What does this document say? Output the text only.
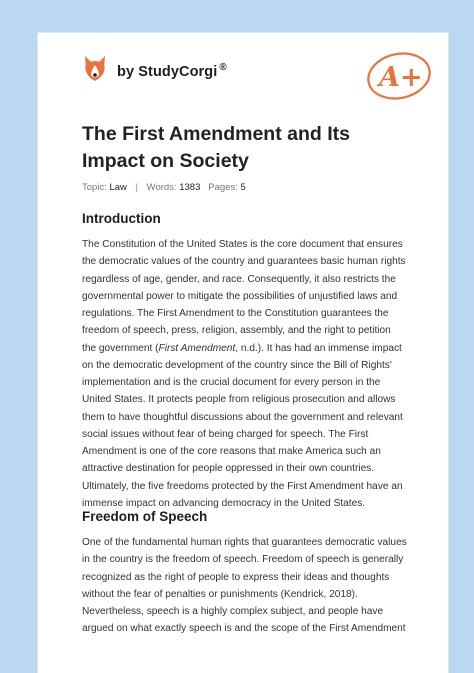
by StudyCorgi ®	A+
The First Amendment and Its
Impact on Society
Topic: Law | Words: 1383 Pages: 5
Introduction

The Constitution of the United States is the core document that ensures
the democratic values of the country and guarantees basic human rights
regardless of age, gender, and race. Consequently, it also restricts the
governmental power to mitigate the possibilities of unjustified laws and
regulations. The First Amendment to the Constitution guarantees the
freedom of speech, press, religion, assembly, and the right to petition
the government (First Amendment, n.d.). It has had an immense impact
on the democratic development of the country since the Bill of Rights'
implementation and is the crucial document for every person in the
United States. It protects people from religious prosecution and allows
them to have thoughtful discussions about the government and relevant
social issues without fear of being charged for speech. The First
Amendment is one of the core reasons that make America such an
attractive destination for people oppressed in their own countries.
Ultimately, the five freedoms protected by the First Amendment have an
immense impact on advancing democracy in the United States.

Freedom of Speech

One of the fundamental human rights that guarantees democratic values
in the country is the freedom of speech. Freedom of speech is generally
recognized as the right of people to express their ideas and thoughts
without the fear of penalties or punishments (Kendrick, 2018).
Nevertheless, speech is a highly complex subject, and people have
argued on what exactly speech is and the scope of the First Amendment
